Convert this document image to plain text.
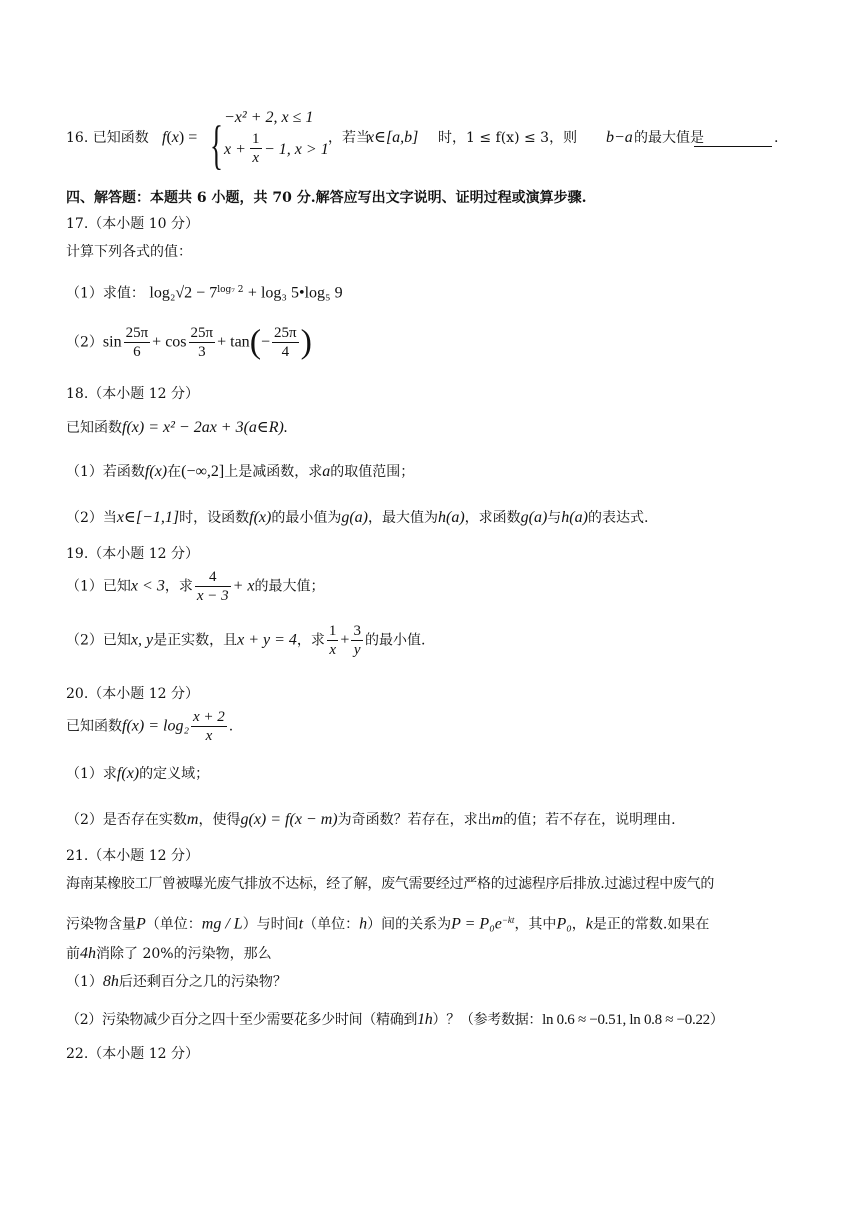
16. 已知函数 f(x) = { −x² + 2, x ≤ 1
$x + \frac{1}{x} - 1$, x > 1
，若当
x∈[a,b] 时，1 ≤ f(x) ≤ 3，则 b−a 的最大值是	.
四、解答题：本题共 6 小题，共 70 分.解答应写出文字说明、证明过程或演算步骤.
17.（本小题 10 分）
计算下列各式的值：
（1）求值： $\log_2√2 - 7^{log_7 2} + \log_3$ 5•log₅ 9
$(2)\sin \frac{25\pi}{6} + \cos \frac{25\pi}{3} + \tan(- \frac{25\pi}{4}$ )
18.（本小题 12 分）
已知函数f(x) = x² − 2ax + 3(a∈R).
（1）若函数f(x)在(−∞,2]上是减函数，求a的取值范围；
（2）当x∈[−1,1]时，设函数f(x)的最小值为g(a)，最大值为h(a)，求函数g(a)与h(a)的表达式.
19.（本小题 12 分）
（1）已知x < 3，求 $\frac{4}{x - 3} + x$的最大值；
（2）已知x, y是正实数，且x + y = 4，求 $\frac{1}{x} + \frac{3}{y}$ 的最小值.
20.（本小题 12 分）
已知函数$f(x) = \log_2 \frac{x + 2}{x}$ .
（1）求f(x)的定义域；
（2）是否存在实数m，使得g(x) = f(x − m)为奇函数？若存在，求出m的值；若不存在，说明理由.
21.（本小题 12 分）
海南某橡胶工厂曾被曝光废气排放不达标，经了解，废气需要经过严格的过滤程序后排放.过滤过程中废气的
污染物含量P（单位：mg / L）与时间t（单位：h）间的关系为$P = P_0e^{-kt}$，其中P₀，k是正的常数.如果在
前4h消除了 20%的污染物，那么
（1）8h后还剩百分之几的污染物？
（2）污染物减少百分之四十至少需要花多少时间（精确到1h）？（参考数据：ln 0.6 ≈ −0.51, ln 0.8 ≈ −0.22）
22.（本小题 12 分）
